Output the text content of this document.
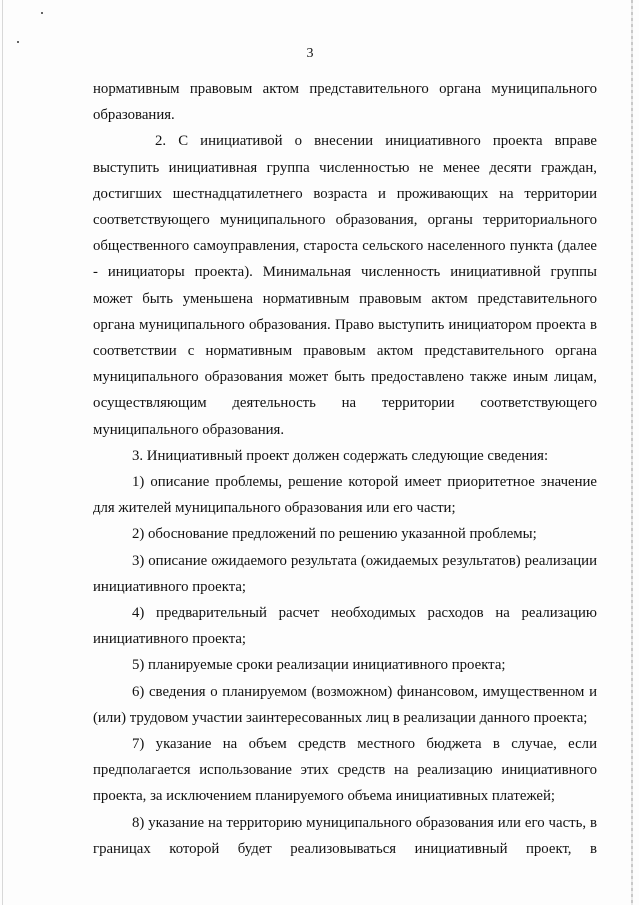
3

нормативным правовым актом представительного органа муниципального образования.

2. С инициативой о внесении инициативного проекта вправе выступить инициативная группа численностью не менее десяти граждан, достигших шестнадцатилетнего возраста и проживающих на территории соответствующего муниципального образования, органы территориального общественного самоуправления, староста сельского населенного пункта (далее - инициаторы проекта). Минимальная численность инициативной группы может быть уменьшена нормативным правовым актом представительного органа муниципального образования. Право выступить инициатором проекта в соответствии с нормативным правовым актом представительного органа муниципального образования может быть предоставлено также иным лицам, осуществляющим деятельность на территории соответствующего муниципального образования.

3. Инициативный проект должен содержать следующие сведения:

1) описание проблемы, решение которой имеет приоритетное значение для жителей муниципального образования или его части;

2) обоснование предложений по решению указанной проблемы;

3) описание ожидаемого результата (ожидаемых результатов) реализации инициативного проекта;

4) предварительный расчет необходимых расходов на реализацию инициативного проекта;

5) планируемые сроки реализации инициативного проекта;

6) сведения о планируемом (возможном) финансовом, имущественном и (или) трудовом участии заинтересованных лиц в реализации данного проекта;

7) указание на объем средств местного бюджета в случае, если предполагается использование этих средств на реализацию инициативного проекта, за исключением планируемого объема инициативных платежей;

8) указание на территорию муниципального образования или его часть, в границах которой будет реализовываться инициативный проект, в
